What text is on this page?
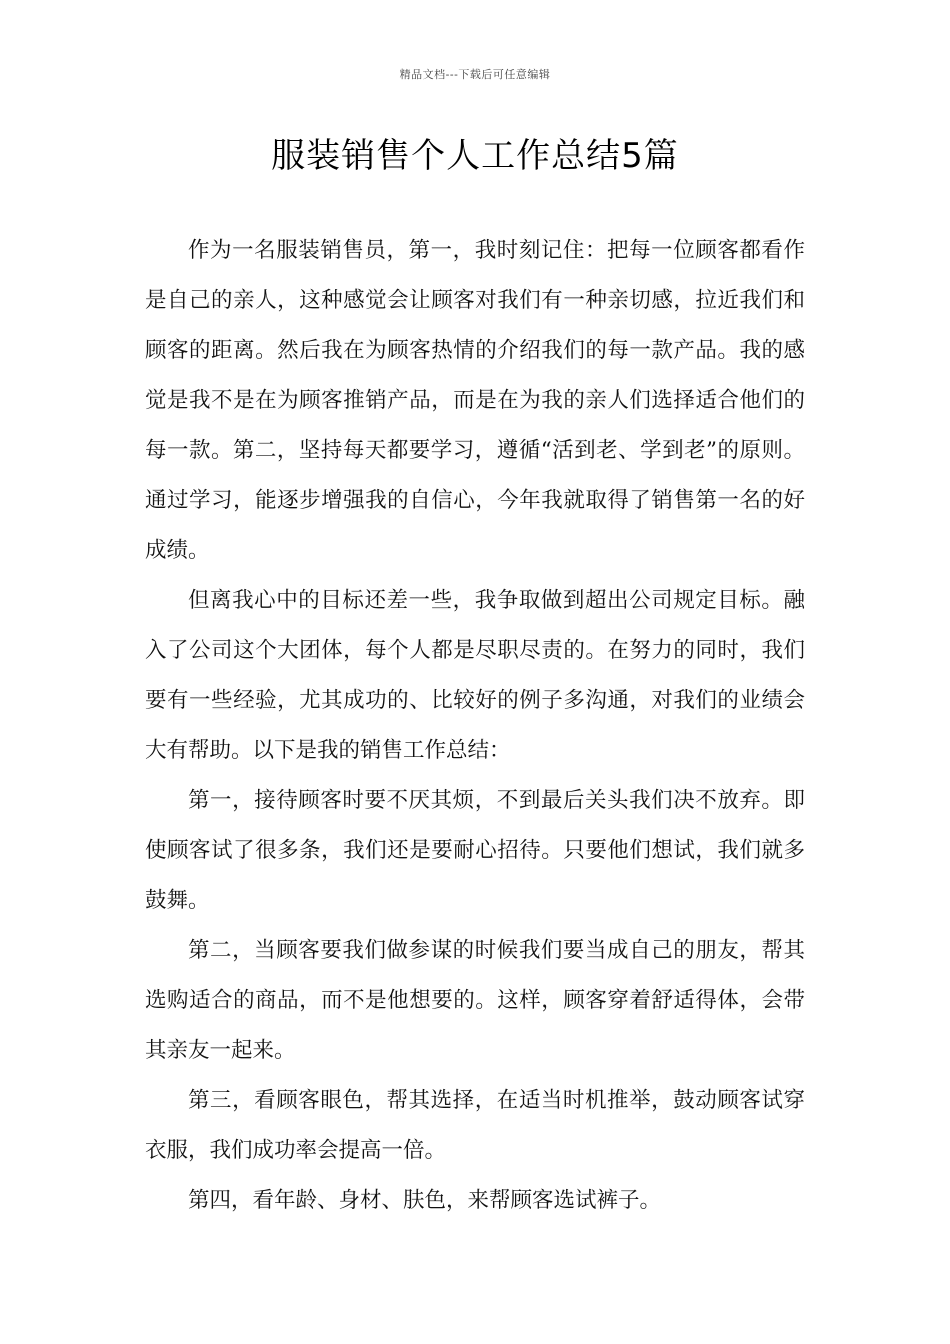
精品文档---下载后可任意编辑
服装销售个人工作总结5篇

作为一名服装销售员，第一，我时刻记住：把每一位顾客都看作是自己的亲人，这种感觉会让顾客对我们有一种亲切感，拉近我们和顾客的距离。然后我在为顾客热情的介绍我们的每一款产品。我的感觉是我不是在为顾客推销产品，而是在为我的亲人们选择适合他们的每一款。第二，坚持每天都要学习，遵循“活到老、学到老”的原则。通过学习，能逐步增强我的自信心，今年我就取得了销售第一名的好成绩。

但离我心中的目标还差一些，我争取做到超出公司规定目标。融入了公司这个大团体，每个人都是尽职尽责的。在努力的同时，我们要有一些经验，尤其成功的、比较好的例子多沟通，对我们的业绩会大有帮助。以下是我的销售工作总结：

第一，接待顾客时要不厌其烦，不到最后关头我们决不放弃。即使顾客试了很多条，我们还是要耐心招待。只要他们想试，我们就多鼓舞。

第二，当顾客要我们做参谋的时候我们要当成自己的朋友，帮其选购适合的商品，而不是他想要的。这样，顾客穿着舒适得体，会带其亲友一起来。

第三，看顾客眼色，帮其选择，在适当时机推举，鼓动顾客试穿衣服，我们成功率会提高一倍。

第四，看年龄、身材、肤色，来帮顾客选试裤子。
